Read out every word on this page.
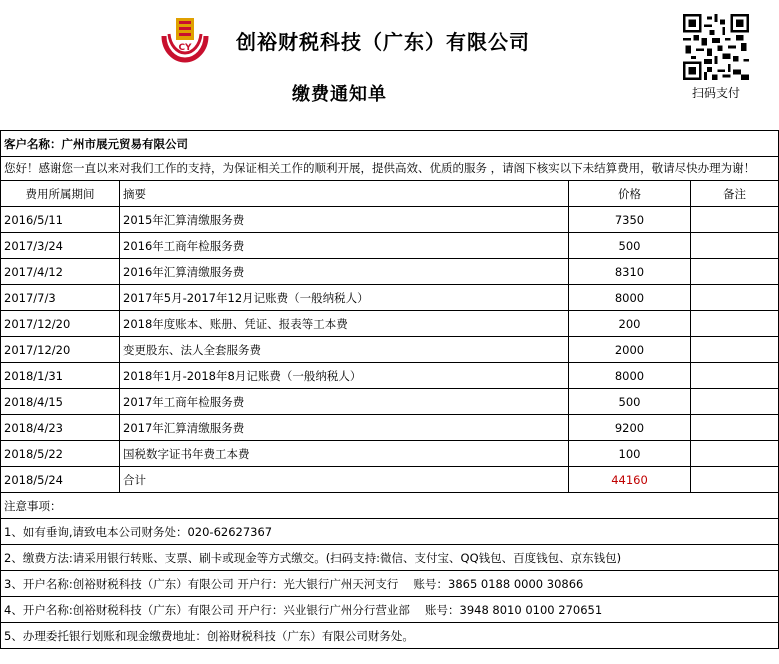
CY 创裕财税科技（广东）有限公司
缴费通知单	扫码支付
客户名称：广州市展元贸易有限公司			
您好！感谢您一直以来对我们工作的支持，为保证相关工作的顺利开展，提供高效、优质的服务 ，请阁下核实以下未结算费用，敬请尽快办理为谢！			
费用所属期间	摘要	价格	备注
2016/5/11	2015年汇算清缴服务费	7350	
2017/3/24	2016年工商年检服务费	500	
2017/4/12	2016年汇算清缴服务费	8310	
2017/7/3	2017年5月-2017年12月记账费（一般纳税人）	8000	
2017/12/20	2018年度账本、账册、凭证、报表等工本费	200	
2017/12/20	变更股东、法人全套服务费	2000	
2018/1/31	2018年1月-2018年8月记账费（一般纳税人）	8000	
2018/4/15	2017年工商年检服务费	500	
2018/4/23	2017年汇算清缴服务费	9200	
2018/5/22	国税数字证书年费工本费	100	
2018/5/24	合计	44160	
注意事项：			
1、如有垂询,请致电本公司财务处：020-62627367			
2、缴费方法:请采用银行转账、支票、刷卡或现金等方式缴交。(扫码支持:微信、支付宝、QQ钱包、百度钱包、京东钱包)			
3、开户名称:创裕财税科技（广东）有限公司 开户行：光大银行广州天河支行　 账号：3865 0188 0000 30866			
4、开户名称:创裕财税科技（广东）有限公司 开户行：兴业银行广州分行营业部　 账号：3948 8010 0100 270651			
5、办理委托银行划账和现金缴费地址：创裕财税科技（广东）有限公司财务处。			
